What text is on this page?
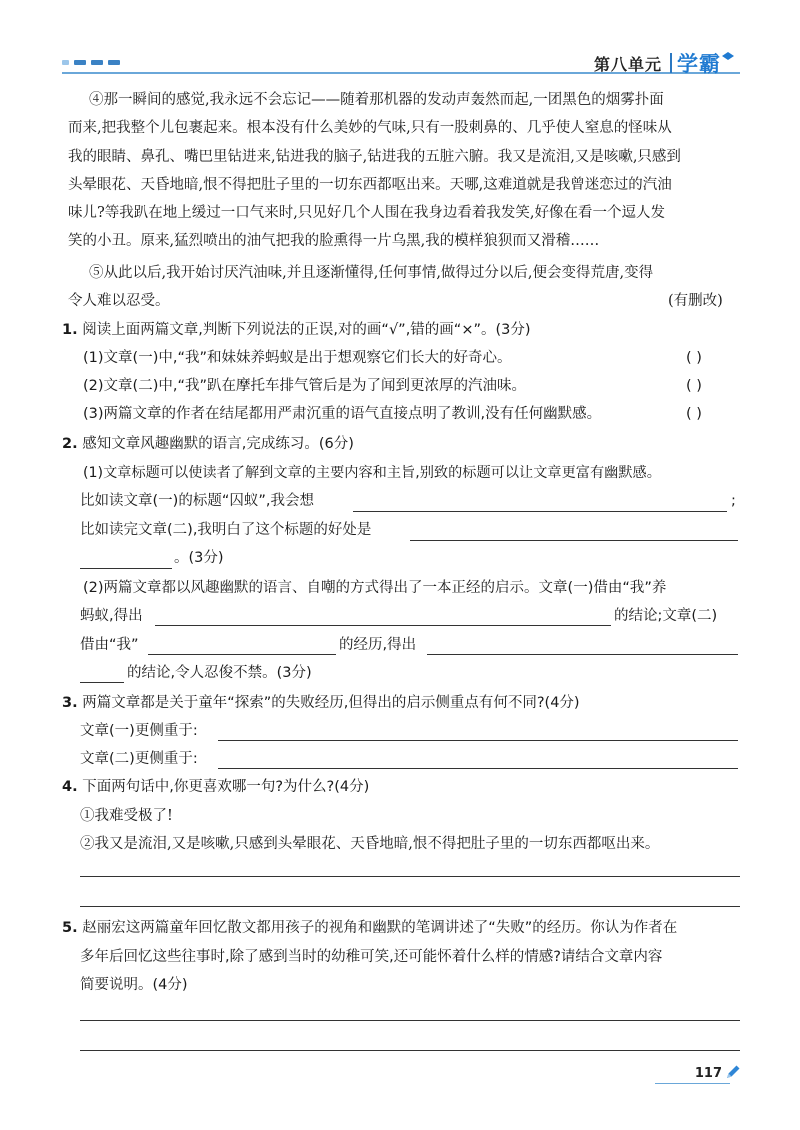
第八单元 学霸
④那一瞬间的感觉,我永远不会忘记——随着那机器的发动声轰然而起,一团黑色的烟雾扑面
而来,把我整个儿包裹起来。根本没有什么美妙的气味,只有一股刺鼻的、几乎使人窒息的怪味从
我的眼睛、鼻孔、嘴巴里钻进来,钻进我的脑子,钻进我的五脏六腑。我又是流泪,又是咳嗽,只感到
头晕眼花、天昏地暗,恨不得把肚子里的一切东西都呕出来。天哪,这难道就是我曾迷恋过的汽油
味儿?等我趴在地上缓过一口气来时,只见好几个人围在我身边看着我发笑,好像在看一个逗人发
笑的小丑。原来,猛烈喷出的油气把我的脸熏得一片乌黑,我的模样狼狈而又滑稽……
⑤从此以后,我开始讨厌汽油味,并且逐渐懂得,任何事情,做得过分以后,便会变得荒唐,变得
令人难以忍受。	(有删改)
1. 阅读上面两篇文章,判断下列说法的正误,对的画“√”,错的画“×”。(3分)
(1)文章(一)中,“我”和妹妹养蚂蚁是出于想观察它们长大的好奇心。	( )
(2)文章(二)中,“我”趴在摩托车排气管后是为了闻到更浓厚的汽油味。	( )
(3)两篇文章的作者在结尾都用严肃沉重的语气直接点明了教训,没有任何幽默感。	( )
2. 感知文章风趣幽默的语言,完成练习。(6分)
(1)文章标题可以使读者了解到文章的主要内容和主旨,别致的标题可以让文章更富有幽默感。
比如读文章(一)的标题“囚蚁”,我会想	;
比如读完文章(二),我明白了这个标题的好处是
。(3分)
(2)两篇文章都以风趣幽默的语言、自嘲的方式得出了一本正经的启示。文章(一)借由“我”养
蚂蚁,得出	的结论;文章(二)
借由“我”	的经历,得出
的结论,令人忍俊不禁。(3分)
3. 两篇文章都是关于童年“探索”的失败经历,但得出的启示侧重点有何不同?(4分)
文章(一)更侧重于:
文章(二)更侧重于:
4. 下面两句话中,你更喜欢哪一句?为什么?(4分)
①我难受极了!
②我又是流泪,又是咳嗽,只感到头晕眼花、天昏地暗,恨不得把肚子里的一切东西都呕出来。
5. 赵丽宏这两篇童年回忆散文都用孩子的视角和幽默的笔调讲述了“失败”的经历。你认为作者在
多年后回忆这些往事时,除了感到当时的幼稚可笑,还可能怀着什么样的情感?请结合文章内容
简要说明。(4分)
117
